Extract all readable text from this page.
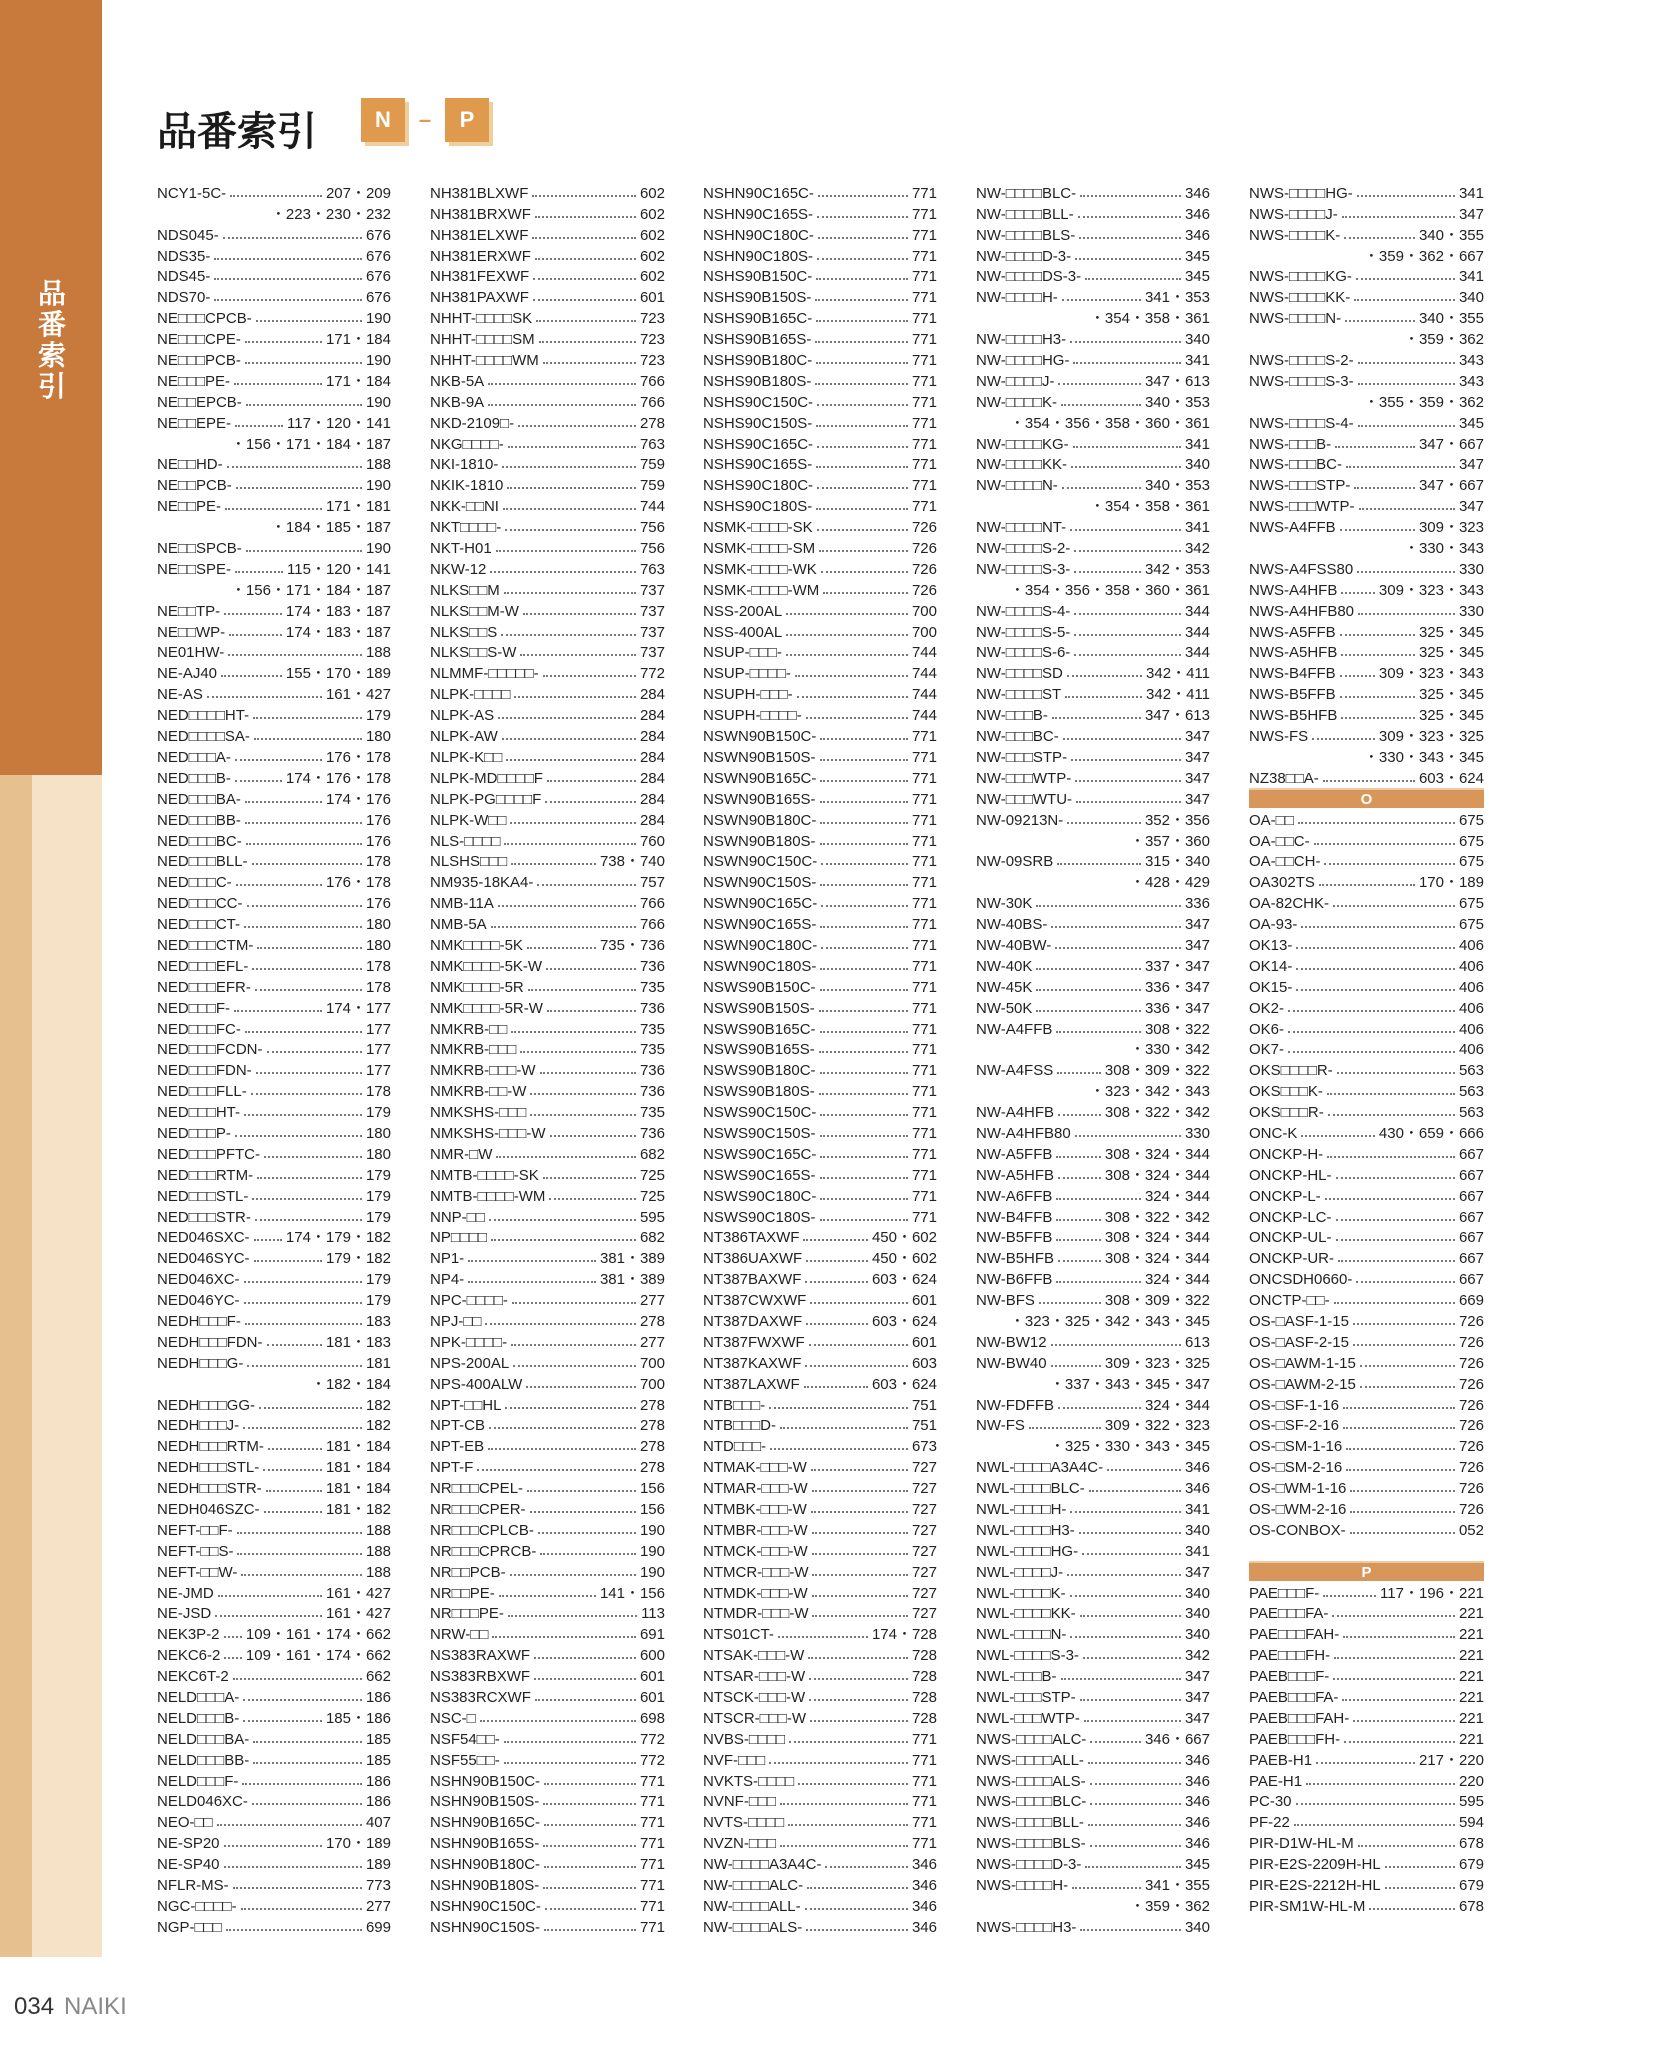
品番索引
品番索引	N	–	P
NCY1-5C-	207・209
・223・230・232
NDS045-	676
NDS35-	676
NDS45-	676
NDS70-	676
NE□□□CPCB-	190
NE□□□CPE-	171・184
NE□□□PCB-	190
NE□□□PE-	171・184
NE□□EPCB-	190
NE□□EPE-	117・120・141
・156・171・184・187
NE□□HD-	188
NE□□PCB-	190
NE□□PE-	171・181
・184・185・187
NE□□SPCB-	190
NE□□SPE-	115・120・141
・156・171・184・187
NE□□TP-	174・183・187
NE□□WP-	174・183・187
NE01HW-	188
NE-AJ40	155・170・189
NE-AS	161・427
NED□□□□HT-	179
NED□□□□SA-	180
NED□□□A-	176・178
NED□□□B-	174・176・178
NED□□□BA-	174・176
NED□□□BB-	176
NED□□□BC-	176
NED□□□BLL-	178
NED□□□C-	176・178
NED□□□CC-	176
NED□□□CT-	180
NED□□□CTM-	180
NED□□□EFL-	178
NED□□□EFR-	178
NED□□□F-	174・177
NED□□□FC-	177
NED□□□FCDN-	177
NED□□□FDN-	177
NED□□□FLL-	178
NED□□□HT-	179
NED□□□P-	180
NED□□□PFTC-	180
NED□□□RTM-	179
NED□□□STL-	179
NED□□□STR-	179
NED046SXC- 174・179・182
NED046SYC-	179・182
NED046XC-	179
NED046YC-	179
NEDH□□□F-	183
NEDH□□□FDN-	181・183
NEDH□□□G-	181
・182・184
NEDH□□□GG-	182
NEDH□□□J-	182
NEDH□□□RTM-	181・184
NEDH□□□STL-	181・184
NEDH□□□STR-	181・184
NEDH046SZC-	181・182
NEFT-□□F-	188
NEFT-□□S-	188
NEFT-□□W-	188
NE-JMD	161・427
NE-JSD	161・427
NEK3P-2 109・161・174・662
NEKC6-2 109・161・174・662
NEKC6T-2	662
NELD□□□A-	186
NELD□□□B-	185・186
NELD□□□BA-	185
NELD□□□BB-	185
NELD□□□F-	186
NELD046XC-	186
NEO-□□	407
NE-SP20	170・189
NE-SP40	189
NFLR-MS-	773
NGC-□□□□-	277
NGP-□□□	699
NH381BLXWF	602
NH381BRXWF	602
NH381ELXWF	602
NH381ERXWF	602
NH381FEXWF	602
NH381PAXWF	601
NHHT-□□□□SK	723
NHHT-□□□□SM	723
NHHT-□□□□WM	723
NKB-5A	766
NKB-9A	766
NKD-2109□-	278
NKG□□□□-	763
NKI-1810-	759
NKIK-1810	759
NKK-□□NI	744
NKT□□□□-	756
NKT-H01	756
NKW-12	763
NLKS□□M	737
NLKS□□M-W	737
NLKS□□S	737
NLKS□□S-W	737
NLMMF-□□□□□-	772
NLPK-□□□□	284
NLPK-AS	284
NLPK-AW	284
NLPK-K□□	284
NLPK-MD□□□□F	284
NLPK-PG□□□□F	284
NLPK-W□□	284
NLS-□□□□	760
NLSHS□□□	738・740
NM935-18KA4-	757
NMB-11A	766
NMB-5A	766
NMK□□□□-5K	735・736
NMK□□□□-5K-W	736
NMK□□□□-5R	735
NMK□□□□-5R-W	736
NMKRB-□□	735
NMKRB-□□□	735
NMKRB-□□□-W	736
NMKRB-□□-W	736
NMKSHS-□□□	735
NMKSHS-□□□-W	736
NMR-□W	682
NMTB-□□□□-SK	725
NMTB-□□□□-WM	725
NNP-□□	595
NP□□□□	682
NP1-	381・389
NP4-	381・389
NPC-□□□□-	277
NPJ-□□	278
NPK-□□□□-	277
NPS-200AL	700
NPS-400ALW	700
NPT-□□HL	278
NPT-CB	278
NPT-EB	278
NPT-F	278
NR□□□CPEL-	156
NR□□□CPER-	156
NR□□□CPLCB-	190
NR□□□CPRCB-	190
NR□□PCB-	190
NR□□PE-	141・156
NR□□□PE-	113
NRW-□□	691
NS383RAXWF	600
NS383RBXWF	601
NS383RCXWF	601
NSC-□	698
NSF54□□-	772
NSF55□□-	772
NSHN90B150C-	771
NSHN90B150S-	771
NSHN90B165C-	771
NSHN90B165S-	771
NSHN90B180C-	771
NSHN90B180S-	771
NSHN90C150C-	771
NSHN90C150S-	771
NSHN90C165C-	771
NSHN90C165S-	771
NSHN90C180C-	771
NSHN90C180S-	771
NSHS90B150C-	771
NSHS90B150S-	771
NSHS90B165C-	771
NSHS90B165S-	771
NSHS90B180C-	771
NSHS90B180S-	771
NSHS90C150C-	771
NSHS90C150S-	771
NSHS90C165C-	771
NSHS90C165S-	771
NSHS90C180C-	771
NSHS90C180S-	771
NSMK-□□□□-SK	726
NSMK-□□□□-SM	726
NSMK-□□□□-WK	726
NSMK-□□□□-WM	726
NSS-200AL	700
NSS-400AL	700
NSUP-□□□-	744
NSUP-□□□□-	744
NSUPH-□□□-	744
NSUPH-□□□□-	744
NSWN90B150C-	771
NSWN90B150S-	771
NSWN90B165C-	771
NSWN90B165S-	771
NSWN90B180C-	771
NSWN90B180S-	771
NSWN90C150C-	771
NSWN90C150S-	771
NSWN90C165C-	771
NSWN90C165S-	771
NSWN90C180C-	771
NSWN90C180S-	771
NSWS90B150C-	771
NSWS90B150S-	771
NSWS90B165C-	771
NSWS90B165S-	771
NSWS90B180C-	771
NSWS90B180S-	771
NSWS90C150C-	771
NSWS90C150S-	771
NSWS90C165C-	771
NSWS90C165S-	771
NSWS90C180C-	771
NSWS90C180S-	771
NT386TAXWF	450・602
NT386UAXWF	450・602
NT387BAXWF	603・624
NT387CWXWF	601
NT387DAXWF	603・624
NT387FWXWF	601
NT387KAXWF	603
NT387LAXWF	603・624
NTB□□□-	751
NTB□□□D-	751
NTD□□□-	673
NTMAK-□□□-W	727
NTMAR-□□□-W	727
NTMBK-□□□-W	727
NTMBR-□□□-W	727
NTMCK-□□□-W	727
NTMCR-□□□-W	727
NTMDK-□□□-W	727
NTMDR-□□□-W	727
NTS01CT-	174・728
NTSAK-□□□-W	728
NTSAR-□□□-W	728
NTSCK-□□□-W	728
NTSCR-□□□-W	728
NVBS-□□□□	771
NVF-□□□	771
NVKTS-□□□□	771
NVNF-□□□	771
NVTS-□□□□	771
NVZN-□□□	771
NW-□□□□A3A4C-	346
NW-□□□□ALC-	346
NW-□□□□ALL-	346
NW-□□□□ALS-	346
NW-□□□□BLC-	346
NW-□□□□BLL-	346
NW-□□□□BLS-	346
NW-□□□□D-3-	345
NW-□□□□DS-3-	345
NW-□□□□H-	341・353
・354・358・361
NW-□□□□H3-	340
NW-□□□□HG-	341
NW-□□□□J-	347・613
NW-□□□□K-	340・353
・354・356・358・360・361
NW-□□□□KG-	341
NW-□□□□KK-	340
NW-□□□□N-	340・353
・354・358・361
NW-□□□□NT-	341
NW-□□□□S-2-	342
NW-□□□□S-3-	342・353
・354・356・358・360・361
NW-□□□□S-4-	344
NW-□□□□S-5-	344
NW-□□□□S-6-	344
NW-□□□□SD	342・411
NW-□□□□ST	342・411
NW-□□□B-	347・613
NW-□□□BC-	347
NW-□□□STP-	347
NW-□□□WTP-	347
NW-□□□WTU-	347
NW-09213N-	352・356
・357・360
NW-09SRB	315・340
・428・429
NW-30K	336
NW-40BS-	347
NW-40BW-	347
NW-40K	337・347
NW-45K	336・347
NW-50K	336・347
NW-A4FFB	308・322
・330・342
NW-A4FSS	308・309・322
・323・342・343
NW-A4HFB	308・322・342
NW-A4HFB80	330
NW-A5FFB	308・324・344
NW-A5HFB	308・324・344
NW-A6FFB	324・344
NW-B4FFB	308・322・342
NW-B5FFB	308・324・344
NW-B5HFB	308・324・344
NW-B6FFB	324・344
NW-BFS	308・309・322
・323・325・342・343・345
NW-BW12	613
NW-BW40	309・323・325
・337・343・345・347
NW-FDFFB	324・344
NW-FS	309・322・323
・325・330・343・345
NWL-□□□□A3A4C-	346
NWL-□□□□BLC-	346
NWL-□□□□H-	341
NWL-□□□□H3-	340
NWL-□□□□HG-	341
NWL-□□□□J-	347
NWL-□□□□K-	340
NWL-□□□□KK-	340
NWL-□□□□N-	340
NWL-□□□□S-3-	342
NWL-□□□B-	347
NWL-□□□STP-	347
NWL-□□□WTP-	347
NWS-□□□□ALC-	346・667
NWS-□□□□ALL-	346
NWS-□□□□ALS-	346
NWS-□□□□BLC-	346
NWS-□□□□BLL-	346
NWS-□□□□BLS-	346
NWS-□□□□D-3-	345
NWS-□□□□H-	341・355
・359・362
NWS-□□□□H3-	340
NWS-□□□□HG-	341
NWS-□□□□J-	347
NWS-□□□□K-	340・355
・359・362・667
NWS-□□□□KG-	341
NWS-□□□□KK-	340
NWS-□□□□N-	340・355
・359・362
NWS-□□□□S-2-	343
NWS-□□□□S-3-	343
・355・359・362
NWS-□□□□S-4-	345
NWS-□□□B-	347・667
NWS-□□□BC-	347
NWS-□□□STP-	347・667
NWS-□□□WTP-	347
NWS-A4FFB	309・323
・330・343
NWS-A4FSS80	330
NWS-A4HFB	309・323・343
NWS-A4HFB80	330
NWS-A5FFB	325・345
NWS-A5HFB	325・345
NWS-B4FFB	309・323・343
NWS-B5FFB	325・345
NWS-B5HFB	325・345
NWS-FS	309・323・325
・330・343・345
NZ38□□A-	603・624
O
OA-□□	675
OA-□□C-	675
OA-□□CH-	675
OA302TS	170・189
OA-82CHK-	675
OA-93-	675
OK13-	406
OK14-	406
OK15-	406
OK2-	406
OK6-	406
OK7-	406
OKS□□□□R-	563
OKS□□□K-	563
OKS□□□R-	563
ONC-K	430・659・666
ONCKP-H-	667
ONCKP-HL-	667
ONCKP-L-	667
ONCKP-LC-	667
ONCKP-UL-	667
ONCKP-UR-	667
ONCSDH0660-	667
ONCTP-□□-	669
OS-□ASF-1-15	726
OS-□ASF-2-15	726
OS-□AWM-1-15	726
OS-□AWM-2-15	726
OS-□SF-1-16	726
OS-□SF-2-16	726
OS-□SM-1-16	726
OS-□SM-2-16	726
OS-□WM-1-16	726
OS-□WM-2-16	726
OS-CONBOX-	052
P
PAE□□□F-	117・196・221
PAE□□□FA-	221
PAE□□□FAH-	221
PAE□□□FH-	221
PAEB□□□F-	221
PAEB□□□FA-	221
PAEB□□□FAH-	221
PAEB□□□FH-	221
PAEB-H1	217・220
PAE-H1	220
PC-30	595
PF-22	594
PIR-D1W-HL-M	678
PIR-E2S-2209H-HL	679
PIR-E2S-2212H-HL	679
PIR-SM1W-HL-M	678
034 NAIKI
